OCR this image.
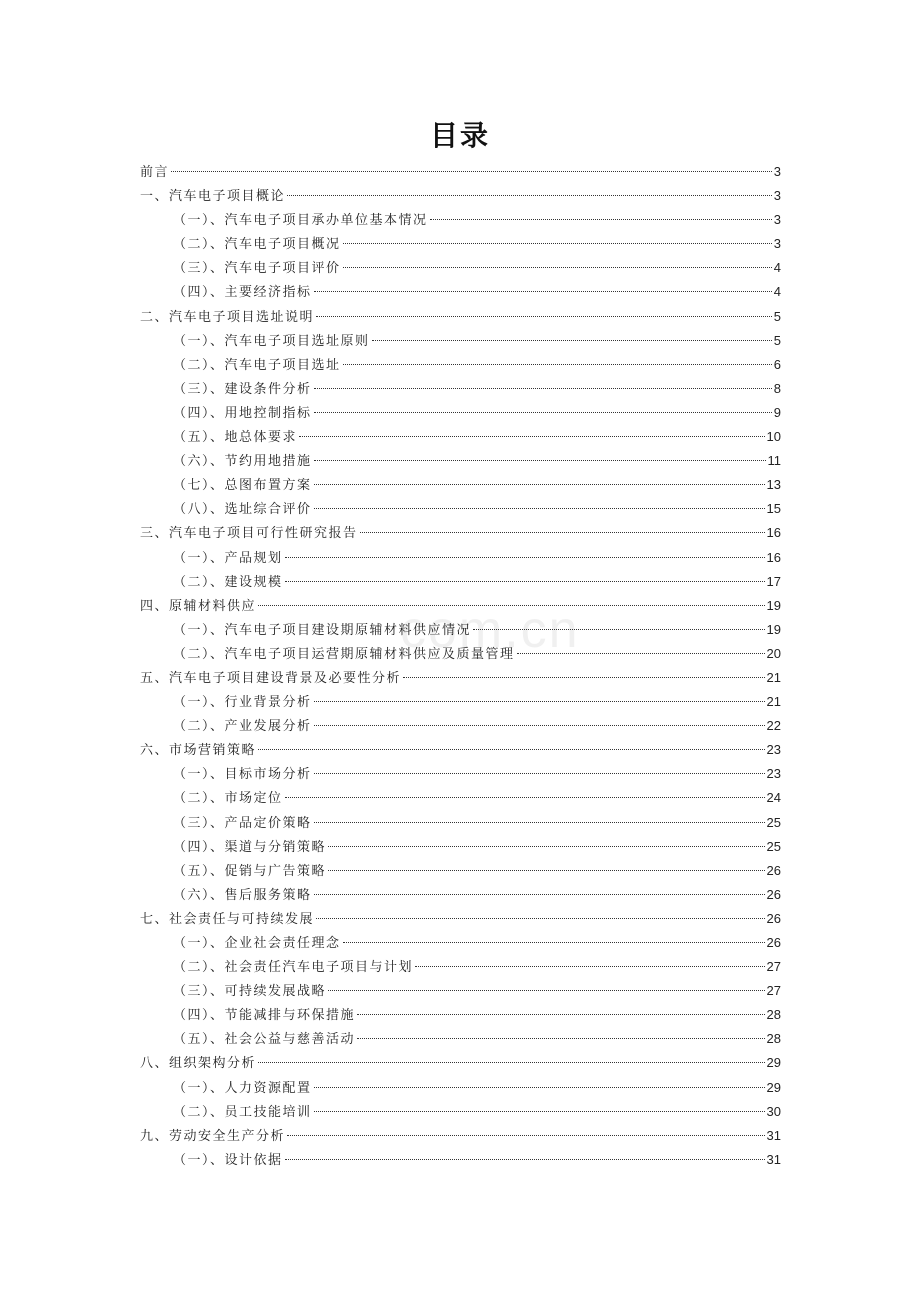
目录
com.cn
前言	3
一、汽车电子项目概论	3
（一）、汽车电子项目承办单位基本情况	3
（二）、汽车电子项目概况	3
（三）、汽车电子项目评价	4
（四）、主要经济指标	4
二、汽车电子项目选址说明	5
（一）、汽车电子项目选址原则	5
（二）、汽车电子项目选址	6
（三）、建设条件分析	8
（四）、用地控制指标	9
（五）、地总体要求	10
（六）、节约用地措施	11
（七）、总图布置方案	13
（八）、选址综合评价	15
三、汽车电子项目可行性研究报告	16
（一）、产品规划	16
（二）、建设规模	17
四、原辅材料供应	19
（一）、汽车电子项目建设期原辅材料供应情况	19
（二）、汽车电子项目运营期原辅材料供应及质量管理	20
五、汽车电子项目建设背景及必要性分析	21
（一）、行业背景分析	21
（二）、产业发展分析	22
六、市场营销策略	23
（一）、目标市场分析	23
（二）、市场定位	24
（三）、产品定价策略	25
（四）、渠道与分销策略	25
（五）、促销与广告策略	26
（六）、售后服务策略	26
七、社会责任与可持续发展	26
（一）、企业社会责任理念	26
（二）、社会责任汽车电子项目与计划	27
（三）、可持续发展战略	27
（四）、节能减排与环保措施	28
（五）、社会公益与慈善活动	28
八、组织架构分析	29
（一）、人力资源配置	29
（二）、员工技能培训	30
九、劳动安全生产分析	31
（一）、设计依据	31
